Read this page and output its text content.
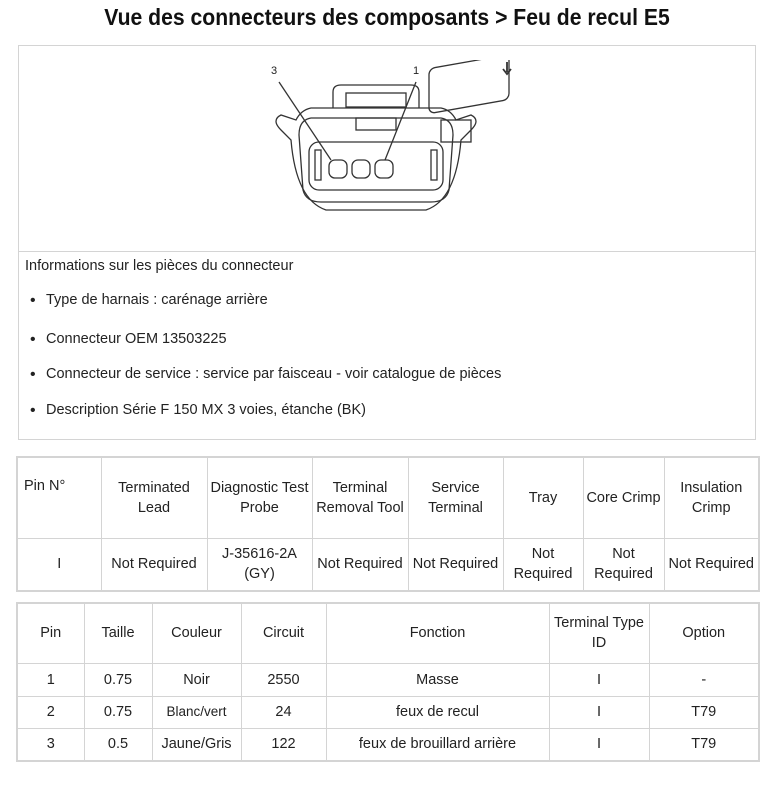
Vue des connecteurs des composants > Feu de recul E5
3	1
Informations sur les pièces du connecteur
• Type de harnais : carénage arrière
• Connecteur OEM 13503225
• Connecteur de service : service par faisceau - voir catalogue de pièces
• Description Série F 150 MX 3 voies, étanche (BK)
Pin N°	Terminated Lead	Diagnostic Test Probe	Terminal Removal Tool	Service Terminal	Tray	Core Crimp	Insulation Crimp
I	Not Required	J-35616-2A (GY)	Not Required	Not Required	Not Required	Not Required	Not Required
Pin	Taille	Couleur	Circuit	Fonction	Terminal Type ID	Option
1	0.75	Noir	2550	Masse	I	-
2	0.75	Blanc/vert	24	feux de recul	I	T79
3	0.5	Jaune/Gris	122	feux de brouillard arrière	I	T79
